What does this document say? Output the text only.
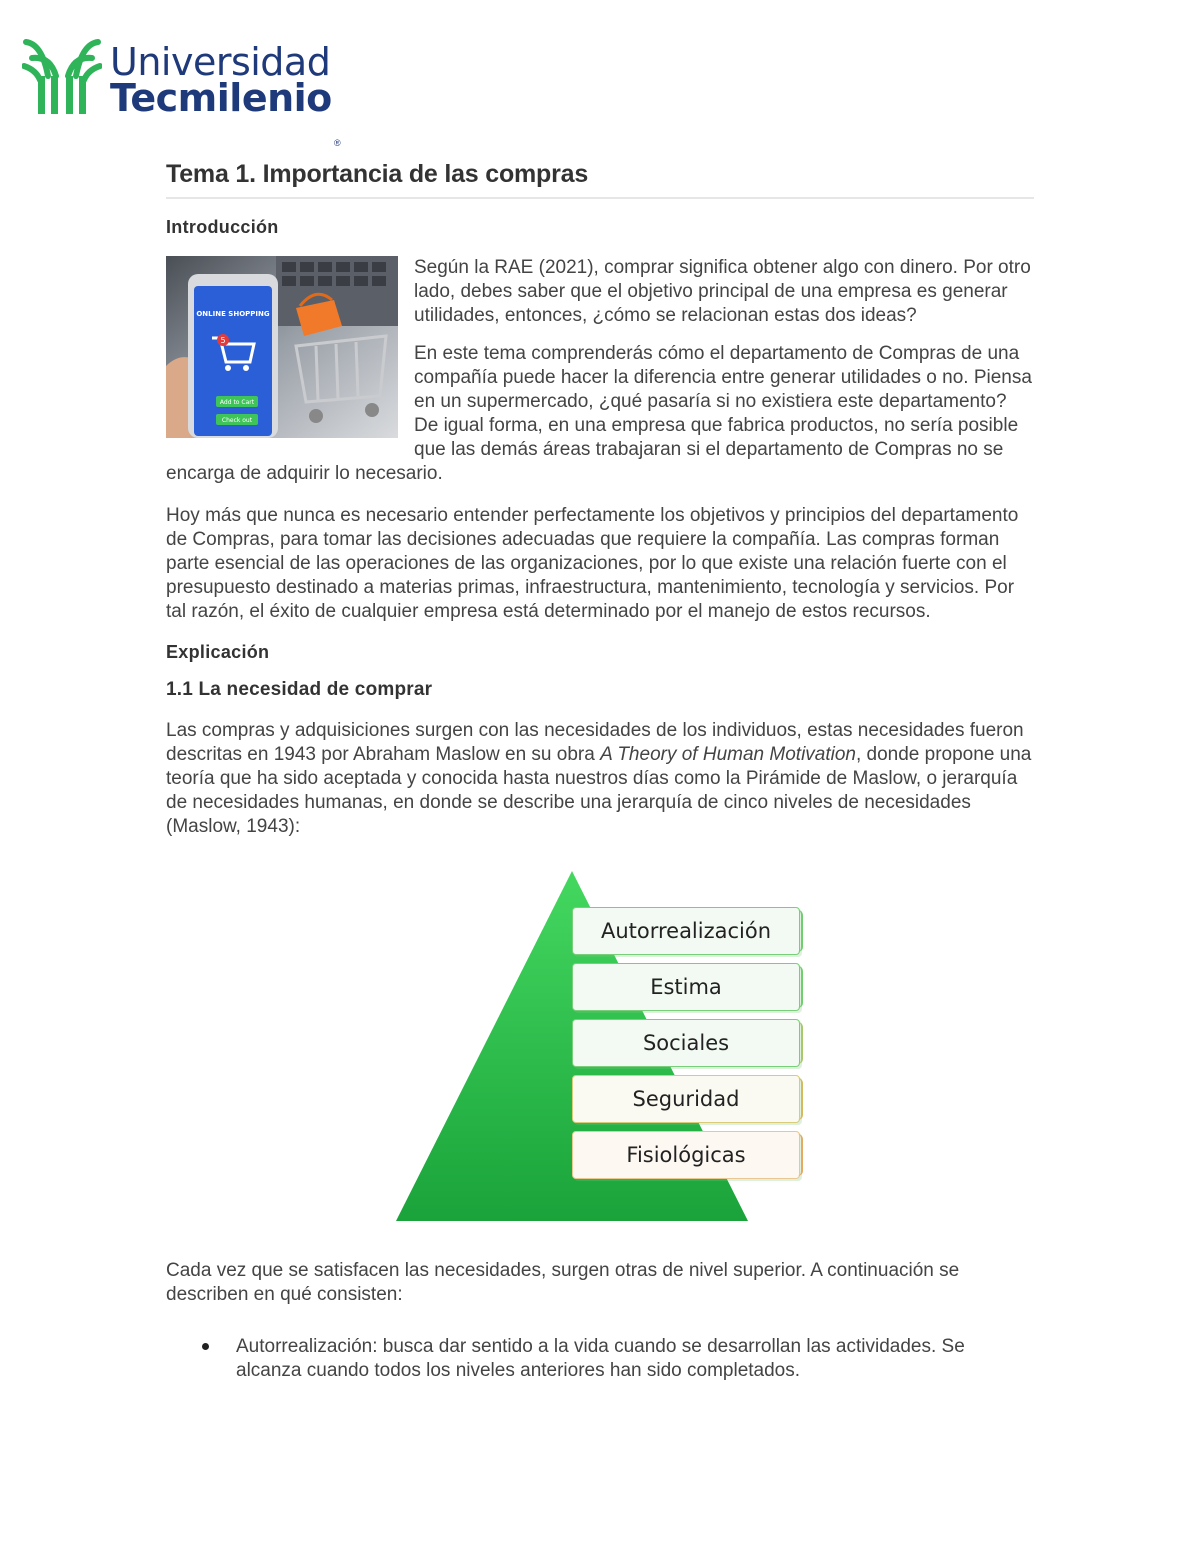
Universidad
Tecmilenio
®
Tema 1. Importancia de las compras
Introducción
ONLINE SHOPPING
5
Add to Cart
Check out

Según la RAE (2021), comprar significa obtener algo con dinero. Por otro lado, debes saber que el objetivo principal de una empresa es generar utilidades, entonces, ¿cómo se relacionan estas dos ideas?

En este tema comprenderás cómo el departamento de Compras de una compañía puede hacer la diferencia entre generar utilidades o no. Piensa en un supermercado, ¿qué pasaría si no existiera este departamento? De igual forma, en una empresa que fabrica productos, no sería posible que las demás áreas trabajaran si el departamento de Compras no se encarga de adquirir lo necesario.

Hoy más que nunca es necesario entender perfectamente los objetivos y principios del departamento de Compras, para tomar las decisiones adecuadas que requiere la compañía. Las compras forman parte esencial de las operaciones de las organizaciones, por lo que existe una relación fuerte con el presupuesto destinado a materias primas, infraestructura, mantenimiento, tecnología y servicios. Por tal razón, el éxito de cualquier empresa está determinado por el manejo de estos recursos.

Explicación
1.1 La necesidad de comprar

Las compras y adquisiciones surgen con las necesidades de los individuos, estas necesidades fueron descritas en 1943 por Abraham Maslow en su obra A Theory of Human Motivation, donde propone una teoría que ha sido aceptada y conocida hasta nuestros días como la Pirámide de Maslow, o jerarquía de necesidades humanas, en donde se describe una jerarquía de cinco niveles de necesidades (Maslow, 1943):

Autorrealización
Estima
Sociales
Seguridad
Fisiológicas

Cada vez que se satisfacen las necesidades, surgen otras de nivel superior. A continuación se describen en qué consisten:

Autorrealización: busca dar sentido a la vida cuando se desarrollan las actividades. Se alcanza cuando todos los niveles anteriores han sido completados.
